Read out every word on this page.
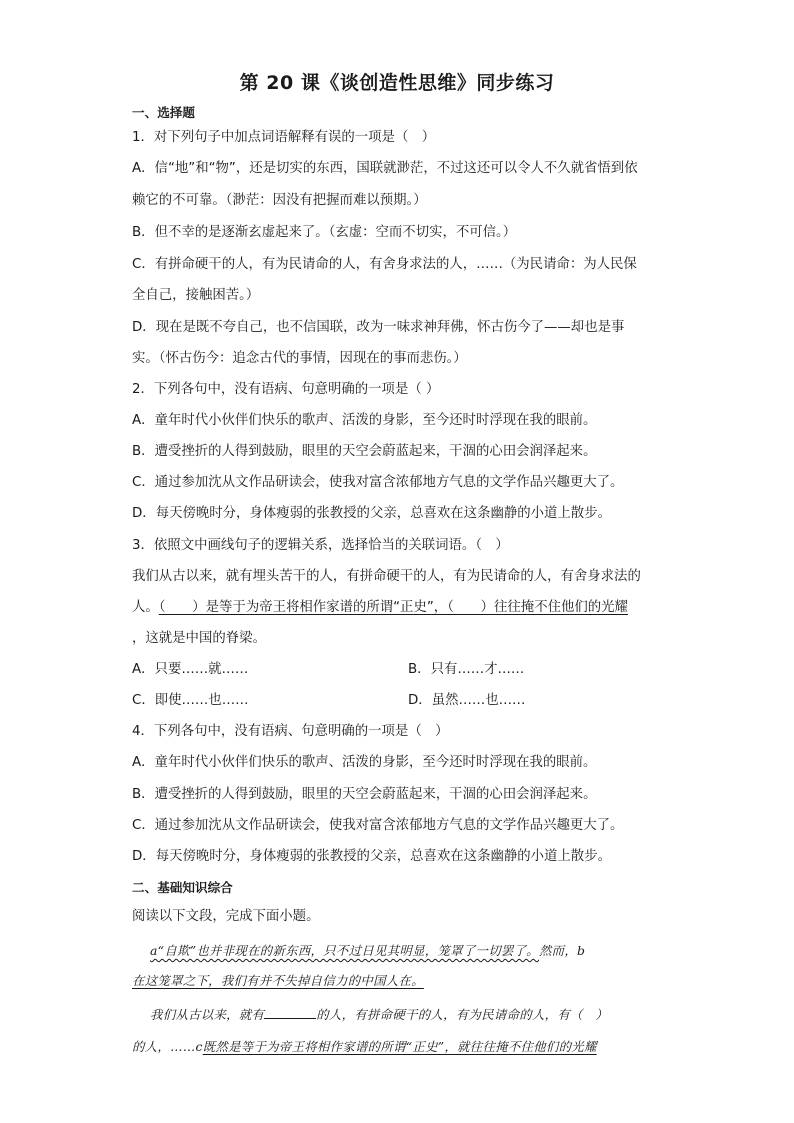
第 20 课《谈创造性思维》同步练习
一、选择题
1．对下列句子中加点词语解释有误的一项是（　）
A．信“地”和“物”，还是切实的东西，国联就渺茫，不过这还可以令人不久就省悟到依
赖它的不可靠。（渺茫：因没有把握而难以预期。）
B．但不幸的是逐渐玄虚起来了。（玄虚：空而不切实，不可信。）
C．有拼命硬干的人，有为民请命的人，有舍身求法的人，……（为民请命：为人民保
全自己，接触困苦。）
D．现在是既不夸自己，也不信国联，改为一味求神拜佛，怀古伤今了——却也是事
实。（怀古伤今：追念古代的事情，因现在的事而悲伤。）
2．下列各句中，没有语病、句意明确的一项是（ ）
A．童年时代小伙伴们快乐的歌声、活泼的身影，至今还时时浮现在我的眼前。
B．遭受挫折的人得到鼓励，眼里的天空会蔚蓝起来，干涸的心田会润泽起来。
C．通过参加沈从文作品研读会，使我对富含浓郁地方气息的文学作品兴趣更大了。
D．每天傍晚时分，身体瘦弱的张教授的父亲，总喜欢在这条幽静的小道上散步。
3．依照文中画线句子的逻辑关系，选择恰当的关联词语。（　）
我们从古以来，就有埋头苦干的人，有拼命硬干的人，有为民请命的人，有舍身求法的
人。（　　）是等于为帝王将相作家谱的所谓“正史”，（　　）往往掩不住他们的光耀
，这就是中国的脊梁。
A．只要……就……	B．只有……才……
C．即使……也……	D．虽然……也……
4．下列各句中，没有语病、句意明确的一项是（　）
A．童年时代小伙伴们快乐的歌声、活泼的身影，至今还时时浮现在我的眼前。
B．遭受挫折的人得到鼓励，眼里的天空会蔚蓝起来，干涸的心田会润泽起来。
C．通过参加沈从文作品研读会，使我对富含浓郁地方气息的文学作品兴趣更大了。
D．每天傍晚时分，身体瘦弱的张教授的父亲，总喜欢在这条幽静的小道上散步。
二、基础知识综合
阅读以下文段，完成下面小题。
a“自欺”也并非现在的新东西，只不过日见其明显，笼罩了一切罢了。然而，b
在这笼罩之下，我们有并不失掉自信力的中国人在。
我们从古以来，就有	的人，有拼命硬干的人，有为民请命的人，有（　）
的人，……c既然是等于为帝王将相作家谱的所谓“正史”，就往往掩不住他们的光耀
